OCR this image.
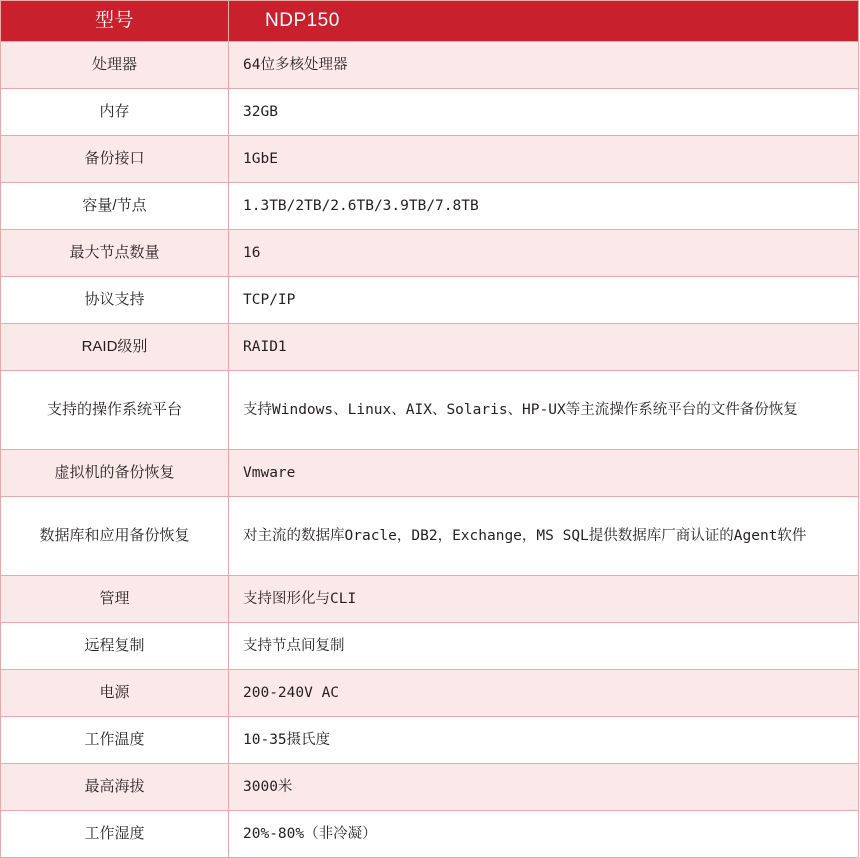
型号	NDP150
处理器	64位多核处理器
内存	32GB
备份接口	1GbE
容量/节点	1.3TB/2TB/2.6TB/3.9TB/7.8TB
最大节点数量	16
协议支持	TCP/IP
RAID级别	RAID1
支持的操作系统平台	支持Windows、Linux、AIX、Solaris、HP-UX等主流操作系统平台的文件备份恢复
虚拟机的备份恢复	Vmware
数据库和应用备份恢复	对主流的数据库Oracle，DB2，Exchange，MS SQL提供数据库厂商认证的Agent软件
管理	支持图形化与CLI
远程复制	支持节点间复制
电源	200-240V AC
工作温度	10-35摄氏度
最高海拔	3000米
工作湿度	20%-80%（非冷凝）
